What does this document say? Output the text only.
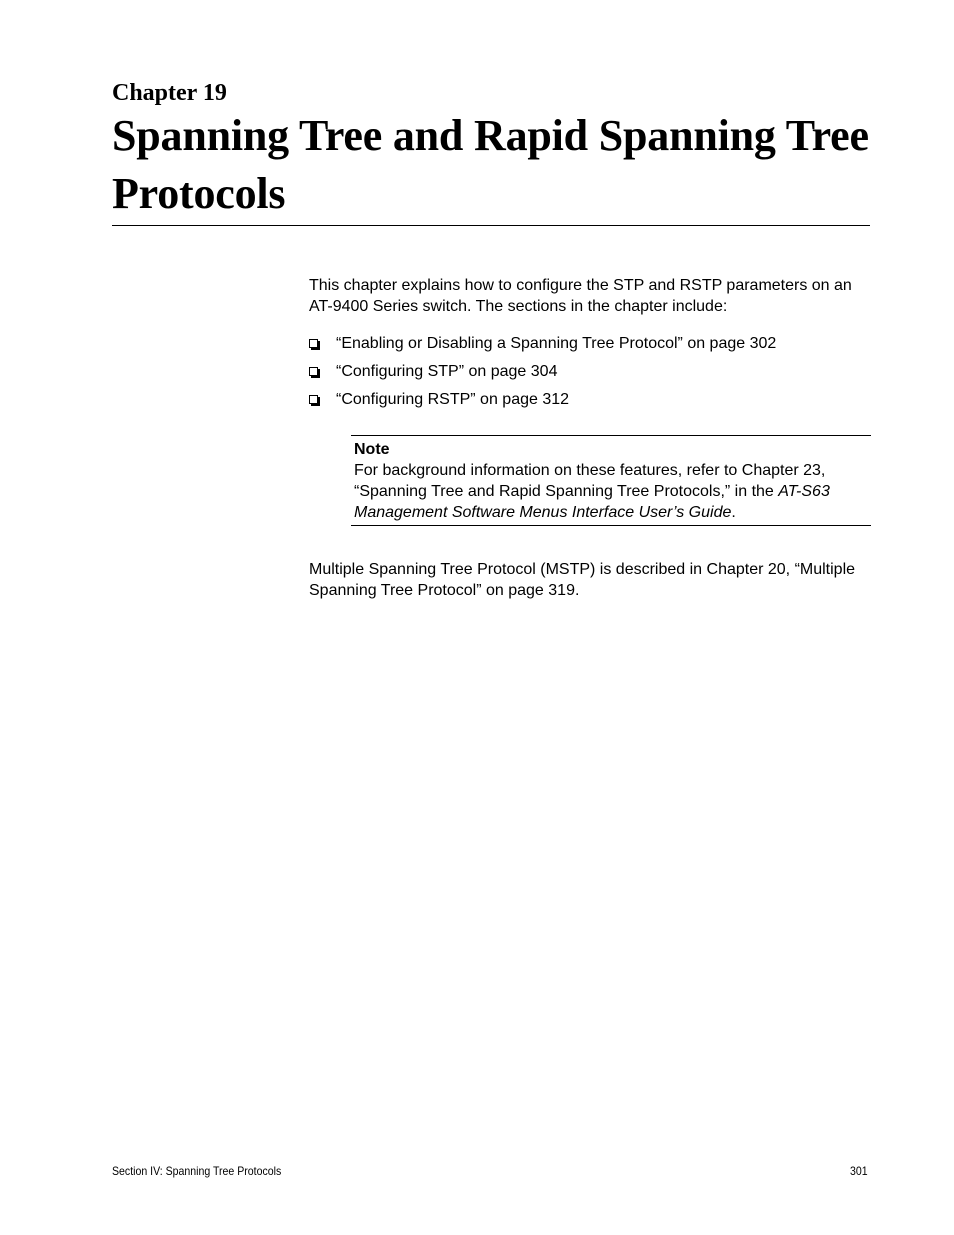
Chapter 19
Spanning Tree and Rapid Spanning Tree Protocols
This chapter explains how to configure the STP and RSTP parameters on an AT-9400 Series switch. The sections in the chapter include:
“Enabling or Disabling a Spanning Tree Protocol” on page 302
“Configuring STP” on page 304
“Configuring RSTP” on page 312
Note
For background information on these features, refer to Chapter 23, “Spanning Tree and Rapid Spanning Tree Protocols,” in the AT-S63 Management Software Menus Interface User’s Guide.
Multiple Spanning Tree Protocol (MSTP) is described in Chapter 20, “Multiple Spanning Tree Protocol” on page 319.
Section IV: Spanning Tree Protocols	301
